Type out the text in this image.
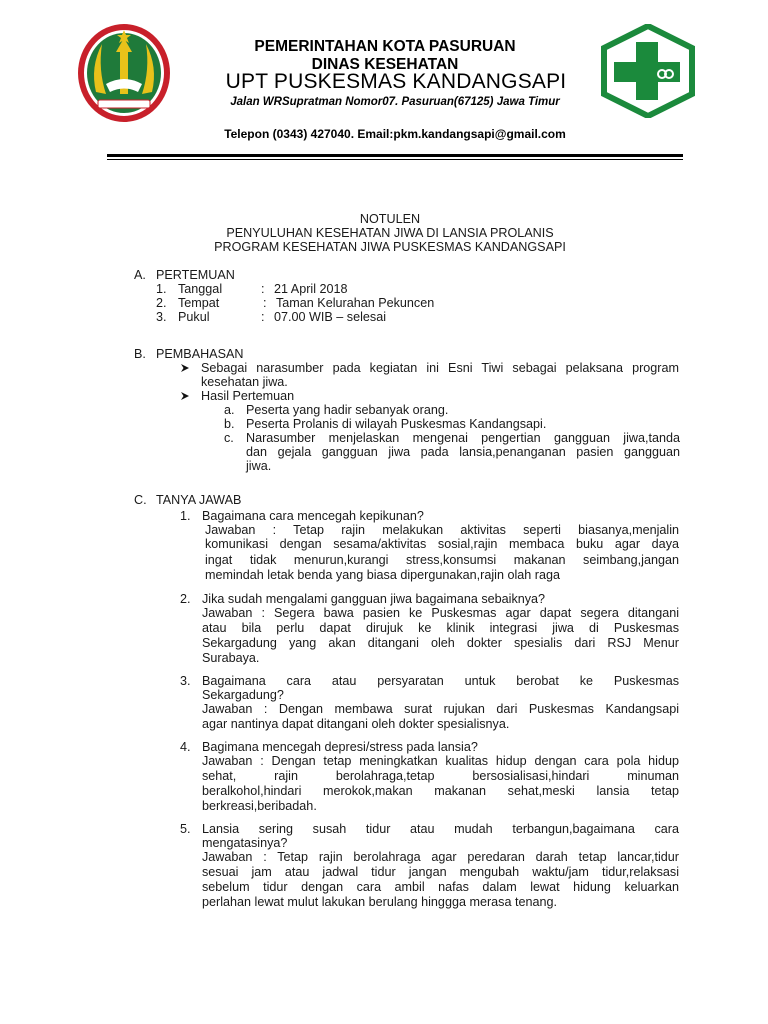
PEMERINTAHAN KOTA PASURUAN
DINAS KESEHATAN
UPT PUSKESMAS KANDANGSAPI
Jalan WRSupratman Nomor07. Pasuruan(67125) Jawa Timur
Telepon (0343) 427040. Email:pkm.kandangsapi@gmail.com
NOTULEN
PENYULUHAN KESEHATAN JIWA DI LANSIA PROLANIS
PROGRAM KESEHATAN JIWA PUSKESMAS KANDANGSAPI
A. PERTEMUAN
1. Tanggal	: 21 April 2018
2. Tempat	: Taman Kelurahan Pekuncen
3. Pukul	: 07.00 WIB – selesai
B. PEMBAHASAN
Sebagai narasumber pada kegiatan ini Esni Tiwi sebagai pelaksana program
kesehatan jiwa.
Hasil Pertemuan
a. Peserta yang hadir sebanyak orang.
b. Peserta Prolanis di wilayah Puskesmas Kandangsapi.
c. Narasumber menjelaskan mengenai pengertian gangguan jiwa,tanda
dan gejala gangguan jiwa pada lansia,penanganan pasien gangguan
jiwa.
C. TANYA JAWAB
1. Bagaimana cara mencegah kepikunan?
Jawaban : Tetap rajin melakukan aktivitas seperti biasanya,menjalin
komunikasi dengan sesama/aktivitas sosial,rajin membaca buku agar daya
ingat tidak menurun,kurangi stress,konsumsi makanan seimbang,jangan
memindah letak benda yang biasa dipergunakan,rajin olah raga
2. Jika sudah mengalami gangguan jiwa bagaimana sebaiknya?
Jawaban : Segera bawa pasien ke Puskesmas agar dapat segera ditangani
atau bila perlu dapat dirujuk ke klinik integrasi jiwa di Puskesmas
Sekargadung yang akan ditangani oleh dokter spesialis dari RSJ Menur
Surabaya.
3. Bagaimana cara atau persyaratan untuk berobat ke Puskesmas
Sekargadung?
Jawaban : Dengan membawa surat rujukan dari Puskesmas Kandangsapi
agar nantinya dapat ditangani oleh dokter spesialisnya.
4. Bagimana mencegah depresi/stress pada lansia?
Jawaban : Dengan tetap meningkatkan kualitas hidup dengan cara pola hidup
sehat, rajin berolahraga,tetap bersosialisasi,hindari minuman
beralkohol,hindari merokok,makan makanan sehat,meski lansia tetap
berkreasi,beribadah.
5. Lansia sering susah tidur atau mudah terbangun,bagaimana cara
mengatasinya?
Jawaban : Tetap rajin berolahraga agar peredaran darah tetap lancar,tidur
sesuai jam atau jadwal tidur jangan mengubah waktu/jam tidur,relaksasi
sebelum tidur dengan cara ambil nafas dalam lewat hidung keluarkan
perlahan lewat mulut lakukan berulang hinggga merasa tenang.
